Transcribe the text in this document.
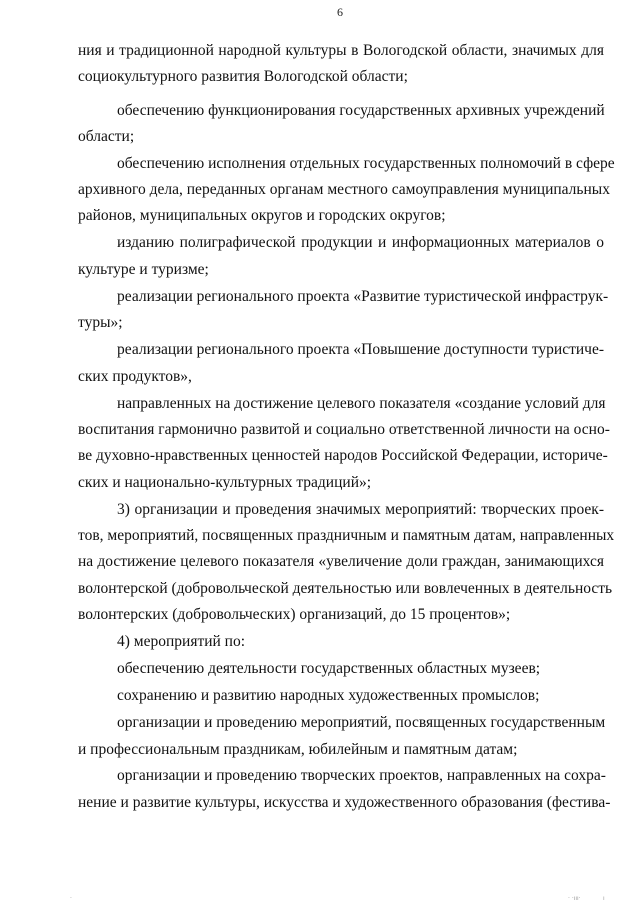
6
ния и традиционной народной культуры в Вологодской области, значимых для
социокультурного развития Вологодской области;
обеспечению функционирования государственных архивных учреждений
области;
обеспечению исполнения отдельных государственных полномочий в сфере
архивного дела, переданных органам местного самоуправления муниципальных
районов, муниципальных округов и городских округов;
изданию полиграфической продукции и информационных материалов о
культуре и туризме;
реализации регионального проекта «Развитие туристической инфраструк-
туры»;
реализации регионального проекта «Повышение доступности туристиче-
ских продуктов»,
направленных на достижение целевого показателя «создание условий для
воспитания гармонично развитой и социально ответственной личности на осно-
ве духовно-нравственных ценностей народов Российской Федерации, историче-
ских и национально-культурных традиций»;
3) организации и проведения значимых мероприятий: творческих проек-
тов, мероприятий, посвященных праздничным и памятным датам, направленных
на достижение целевого показателя «увеличение доли граждан, занимающихся
волонтерской (добровольческой деятельностью или вовлеченных в деятельность
волонтерских (добровольческих) организаций, до 15 процентов»;
4) мероприятий по:
обеспечению деятельности государственных областных музеев;
сохранению и развитию народных художественных промыслов;
организации и проведению мероприятий, посвященных государственным
и профессиональным праздникам, юбилейным и памятным датам;
организации и проведению творческих проектов, направленных на сохра-
нение и развитие культуры, искусства и художественного образования (фестива-
· ·ııı·	ı
·
